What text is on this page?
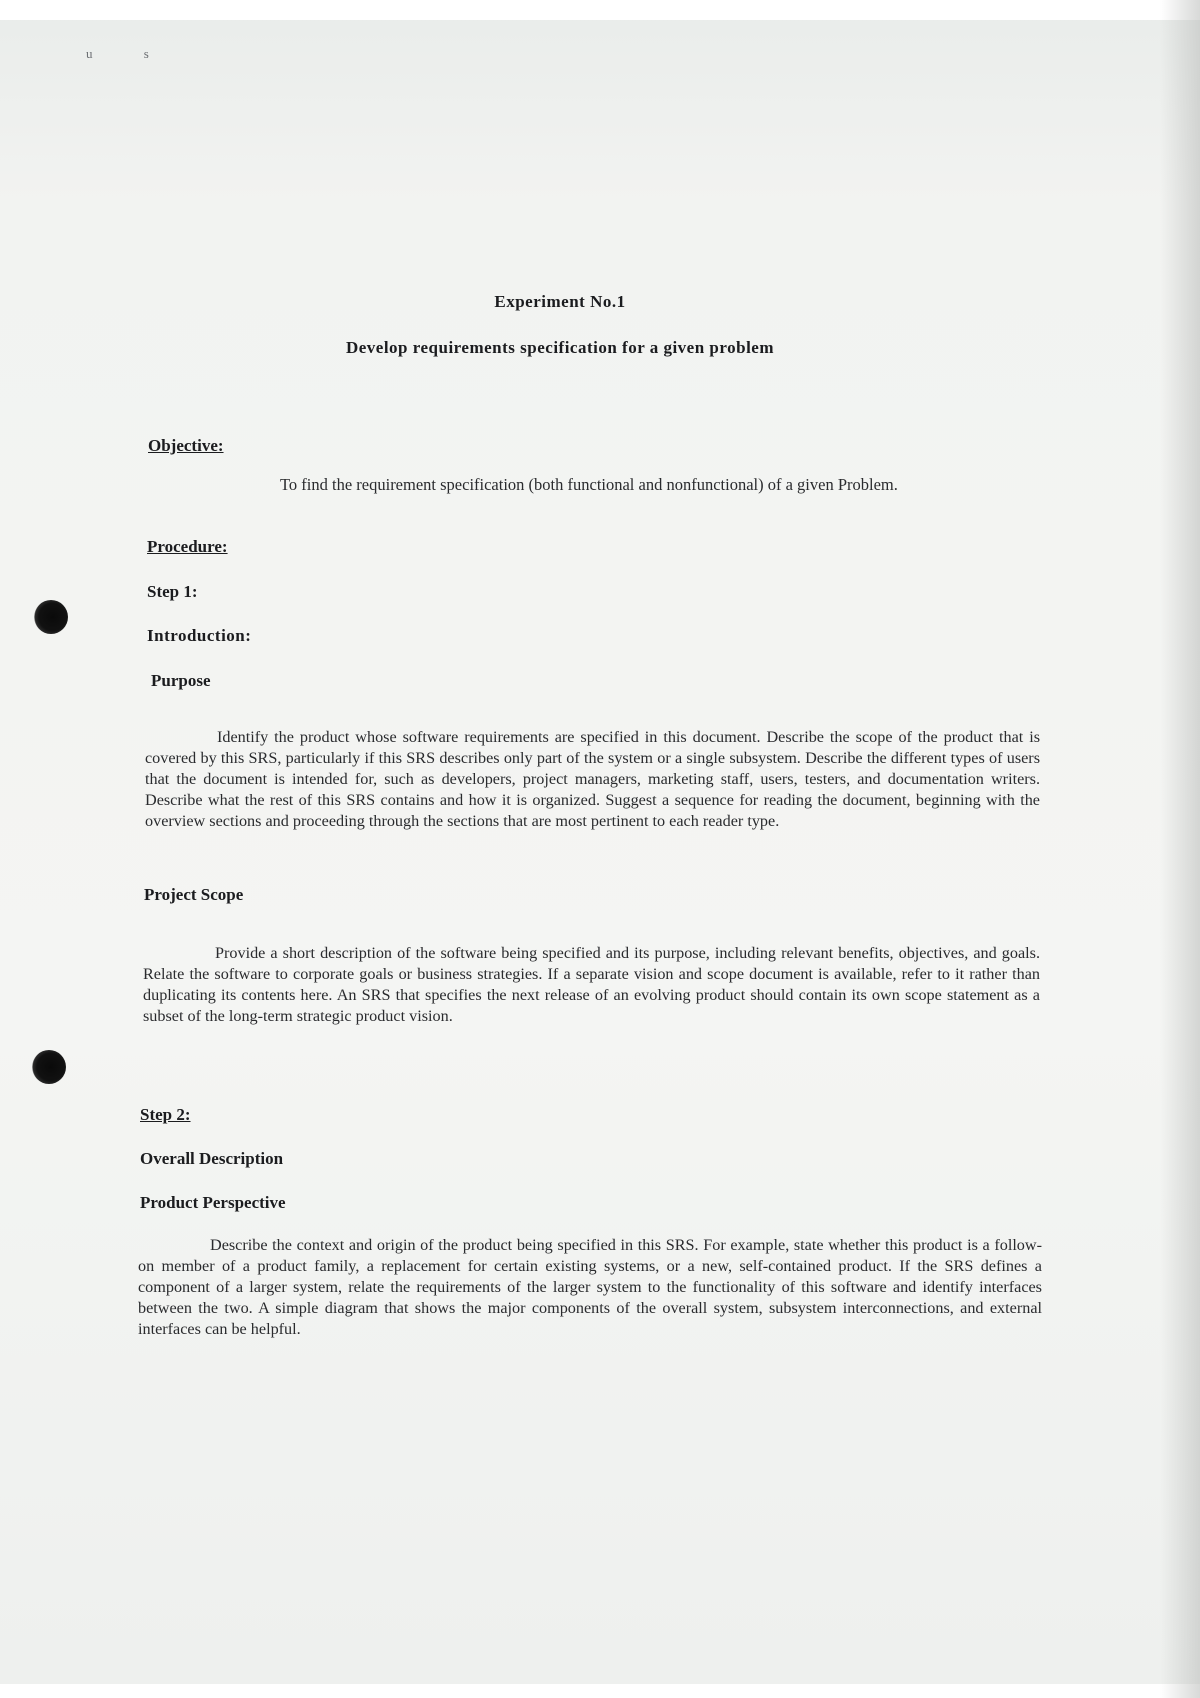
u s
Experiment No.1
Develop requirements specification for a given problem
Objective:
To find the requirement specification (both functional and nonfunctional) of a given Problem.
Procedure:
Step 1:
Introduction:
Purpose
Identify the product whose software requirements are specified in this document. Describe the scope of the product that is covered by this SRS, particularly if this SRS describes only part of the system or a single subsystem. Describe the different types of users that the document is intended for, such as developers, project managers, marketing staff, users, testers, and documentation writers. Describe what the rest of this SRS contains and how it is organized. Suggest a sequence for reading the document, beginning with the overview sections and proceeding through the sections that are most pertinent to each reader type.
Project Scope
Provide a short description of the software being specified and its purpose, including relevant benefits, objectives, and goals. Relate the software to corporate goals or business strategies. If a separate vision and scope document is available, refer to it rather than duplicating its contents here. An SRS that specifies the next release of an evolving product should contain its own scope statement as a subset of the long-term strategic product vision.
Step 2:
Overall Description
Product Perspective
Describe the context and origin of the product being specified in this SRS. For example, state whether this product is a follow-on member of a product family, a replacement for certain existing systems, or a new, self-contained product. If the SRS defines a component of a larger system, relate the requirements of the larger system to the functionality of this software and identify interfaces between the two. A simple diagram that shows the major components of the overall system, subsystem interconnections, and external interfaces can be helpful.
